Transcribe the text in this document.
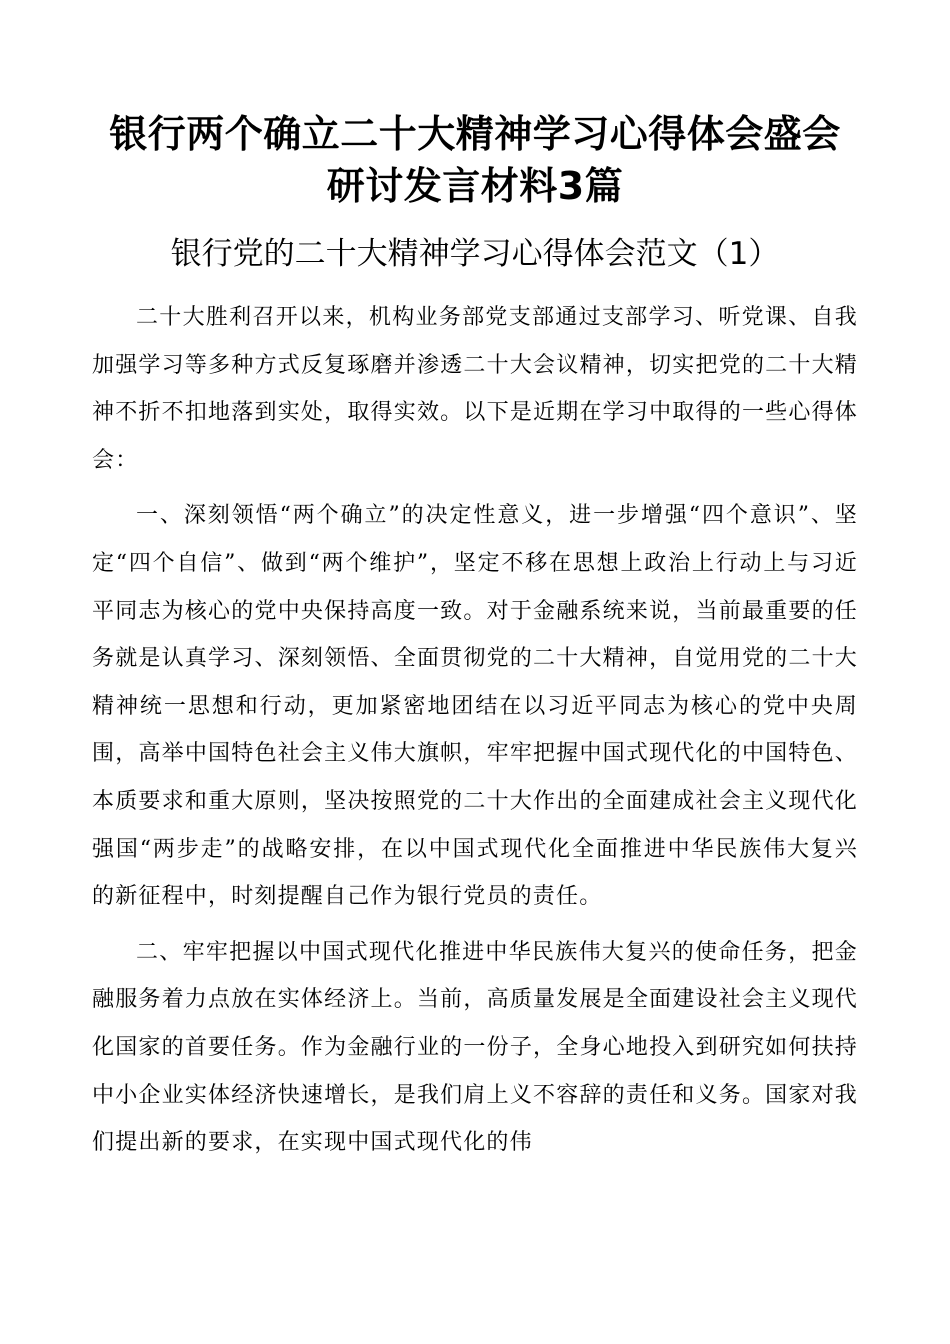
银行两个确立二十大精神学习心得体会盛会研讨发言材料3篇
银行党的二十大精神学习心得体会范文（1）

二十大胜利召开以来，机构业务部党支部通过支部学习、听党课、自我加强学习等多种方式反复琢磨并渗透二十大会议精神，切实把党的二十大精神不折不扣地落到实处，取得实效。以下是近期在学习中取得的一些心得体会：

一、深刻领悟“两个确立”的决定性意义，进一步增强“四个意识”、坚定“四个自信”、做到“两个维护”，坚定不移在思想上政治上行动上与习近平同志为核心的党中央保持高度一致。对于金融系统来说，当前最重要的任务就是认真学习、深刻领悟、全面贯彻党的二十大精神，自觉用党的二十大精神统一思想和行动，更加紧密地团结在以习近平同志为核心的党中央周围，高举中国特色社会主义伟大旗帜，牢牢把握中国式现代化的中国特色、本质要求和重大原则，坚决按照党的二十大作出的全面建成社会主义现代化强国“两步走”的战略安排，在以中国式现代化全面推进中华民族伟大复兴的新征程中，时刻提醒自己作为银行党员的责任。

二、牢牢把握以中国式现代化推进中华民族伟大复兴的使命任务，把金融服务着力点放在实体经济上。当前，高质量发展是全面建设社会主义现代化国家的首要任务。作为金融行业的一份子，全身心地投入到研究如何扶持中小企业实体经济快速增长，是我们肩上义不容辞的责任和义务。国家对我们提出新的要求，在实现中国式现代化的伟
